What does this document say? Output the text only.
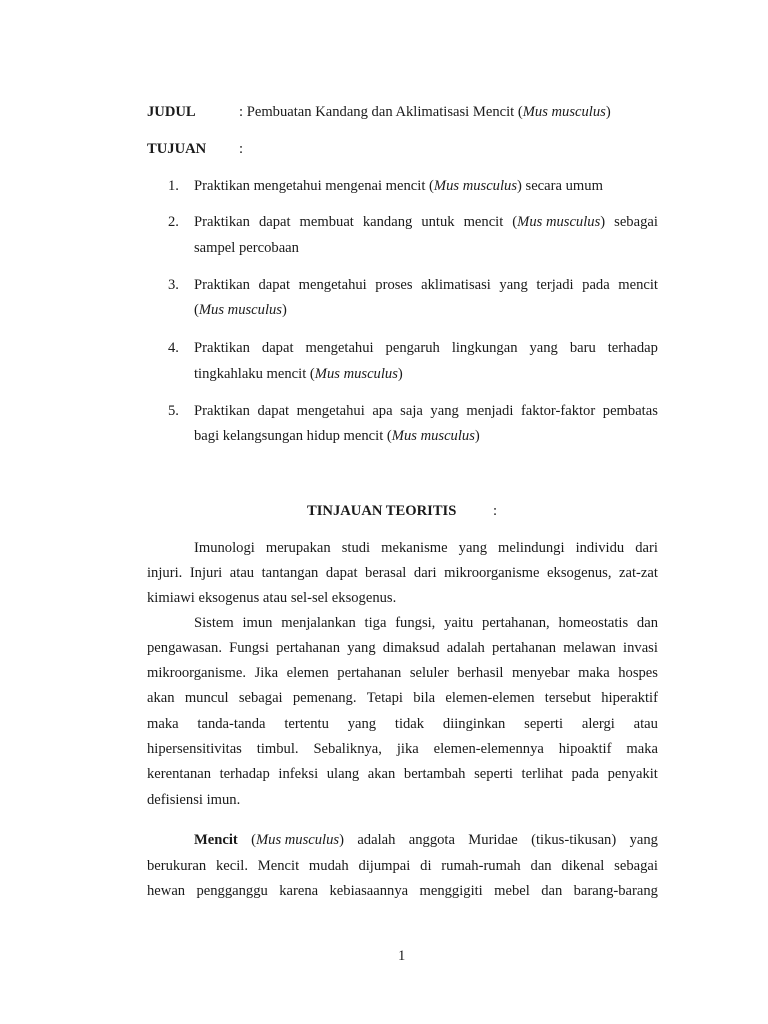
JUDUL	: Pembuatan Kandang dan Aklimatisasi Mencit (Mus musculus)
TUJUAN :
1. Praktikan mengetahui mengenai mencit (Mus musculus) secara umum
2. Praktikan dapat membuat kandang untuk mencit (Mus musculus) sebagai
sampel percobaan
3. Praktikan dapat mengetahui proses aklimatisasi yang terjadi pada mencit
(Mus musculus)
4. Praktikan dapat mengetahui pengaruh lingkungan yang baru terhadap
tingkahlaku mencit (Mus musculus)
5. Praktikan dapat mengetahui apa saja yang menjadi faktor-faktor pembatas
bagi kelangsungan hidup mencit (Mus musculus)
TINJAUAN TEORITIS	:
Imunologi merupakan studi mekanisme yang melindungi individu dari
injuri. Injuri atau tantangan dapat berasal dari mikroorganisme eksogenus, zat-zat
kimiawi eksogenus atau sel-sel eksogenus.
Sistem imun menjalankan tiga fungsi, yaitu pertahanan, homeostatis dan
pengawasan. Fungsi pertahanan yang dimaksud adalah pertahanan melawan invasi
mikroorganisme. Jika elemen pertahanan seluler berhasil menyebar maka hospes
akan muncul sebagai pemenang. Tetapi bila elemen-elemen tersebut hiperaktif
maka tanda-tanda tertentu yang tidak diinginkan seperti alergi atau
hipersensitivitas timbul. Sebaliknya, jika elemen-elemennya hipoaktif maka
kerentanan terhadap infeksi ulang akan bertambah seperti terlihat pada penyakit
defisiensi imun.
Mencit (Mus musculus) adalah anggota Muridae (tikus-tikusan) yang
berukuran kecil. Mencit mudah dijumpai di rumah-rumah dan dikenal sebagai
hewan pengganggu karena kebiasaannya menggigiti mebel dan barang-barang
1
